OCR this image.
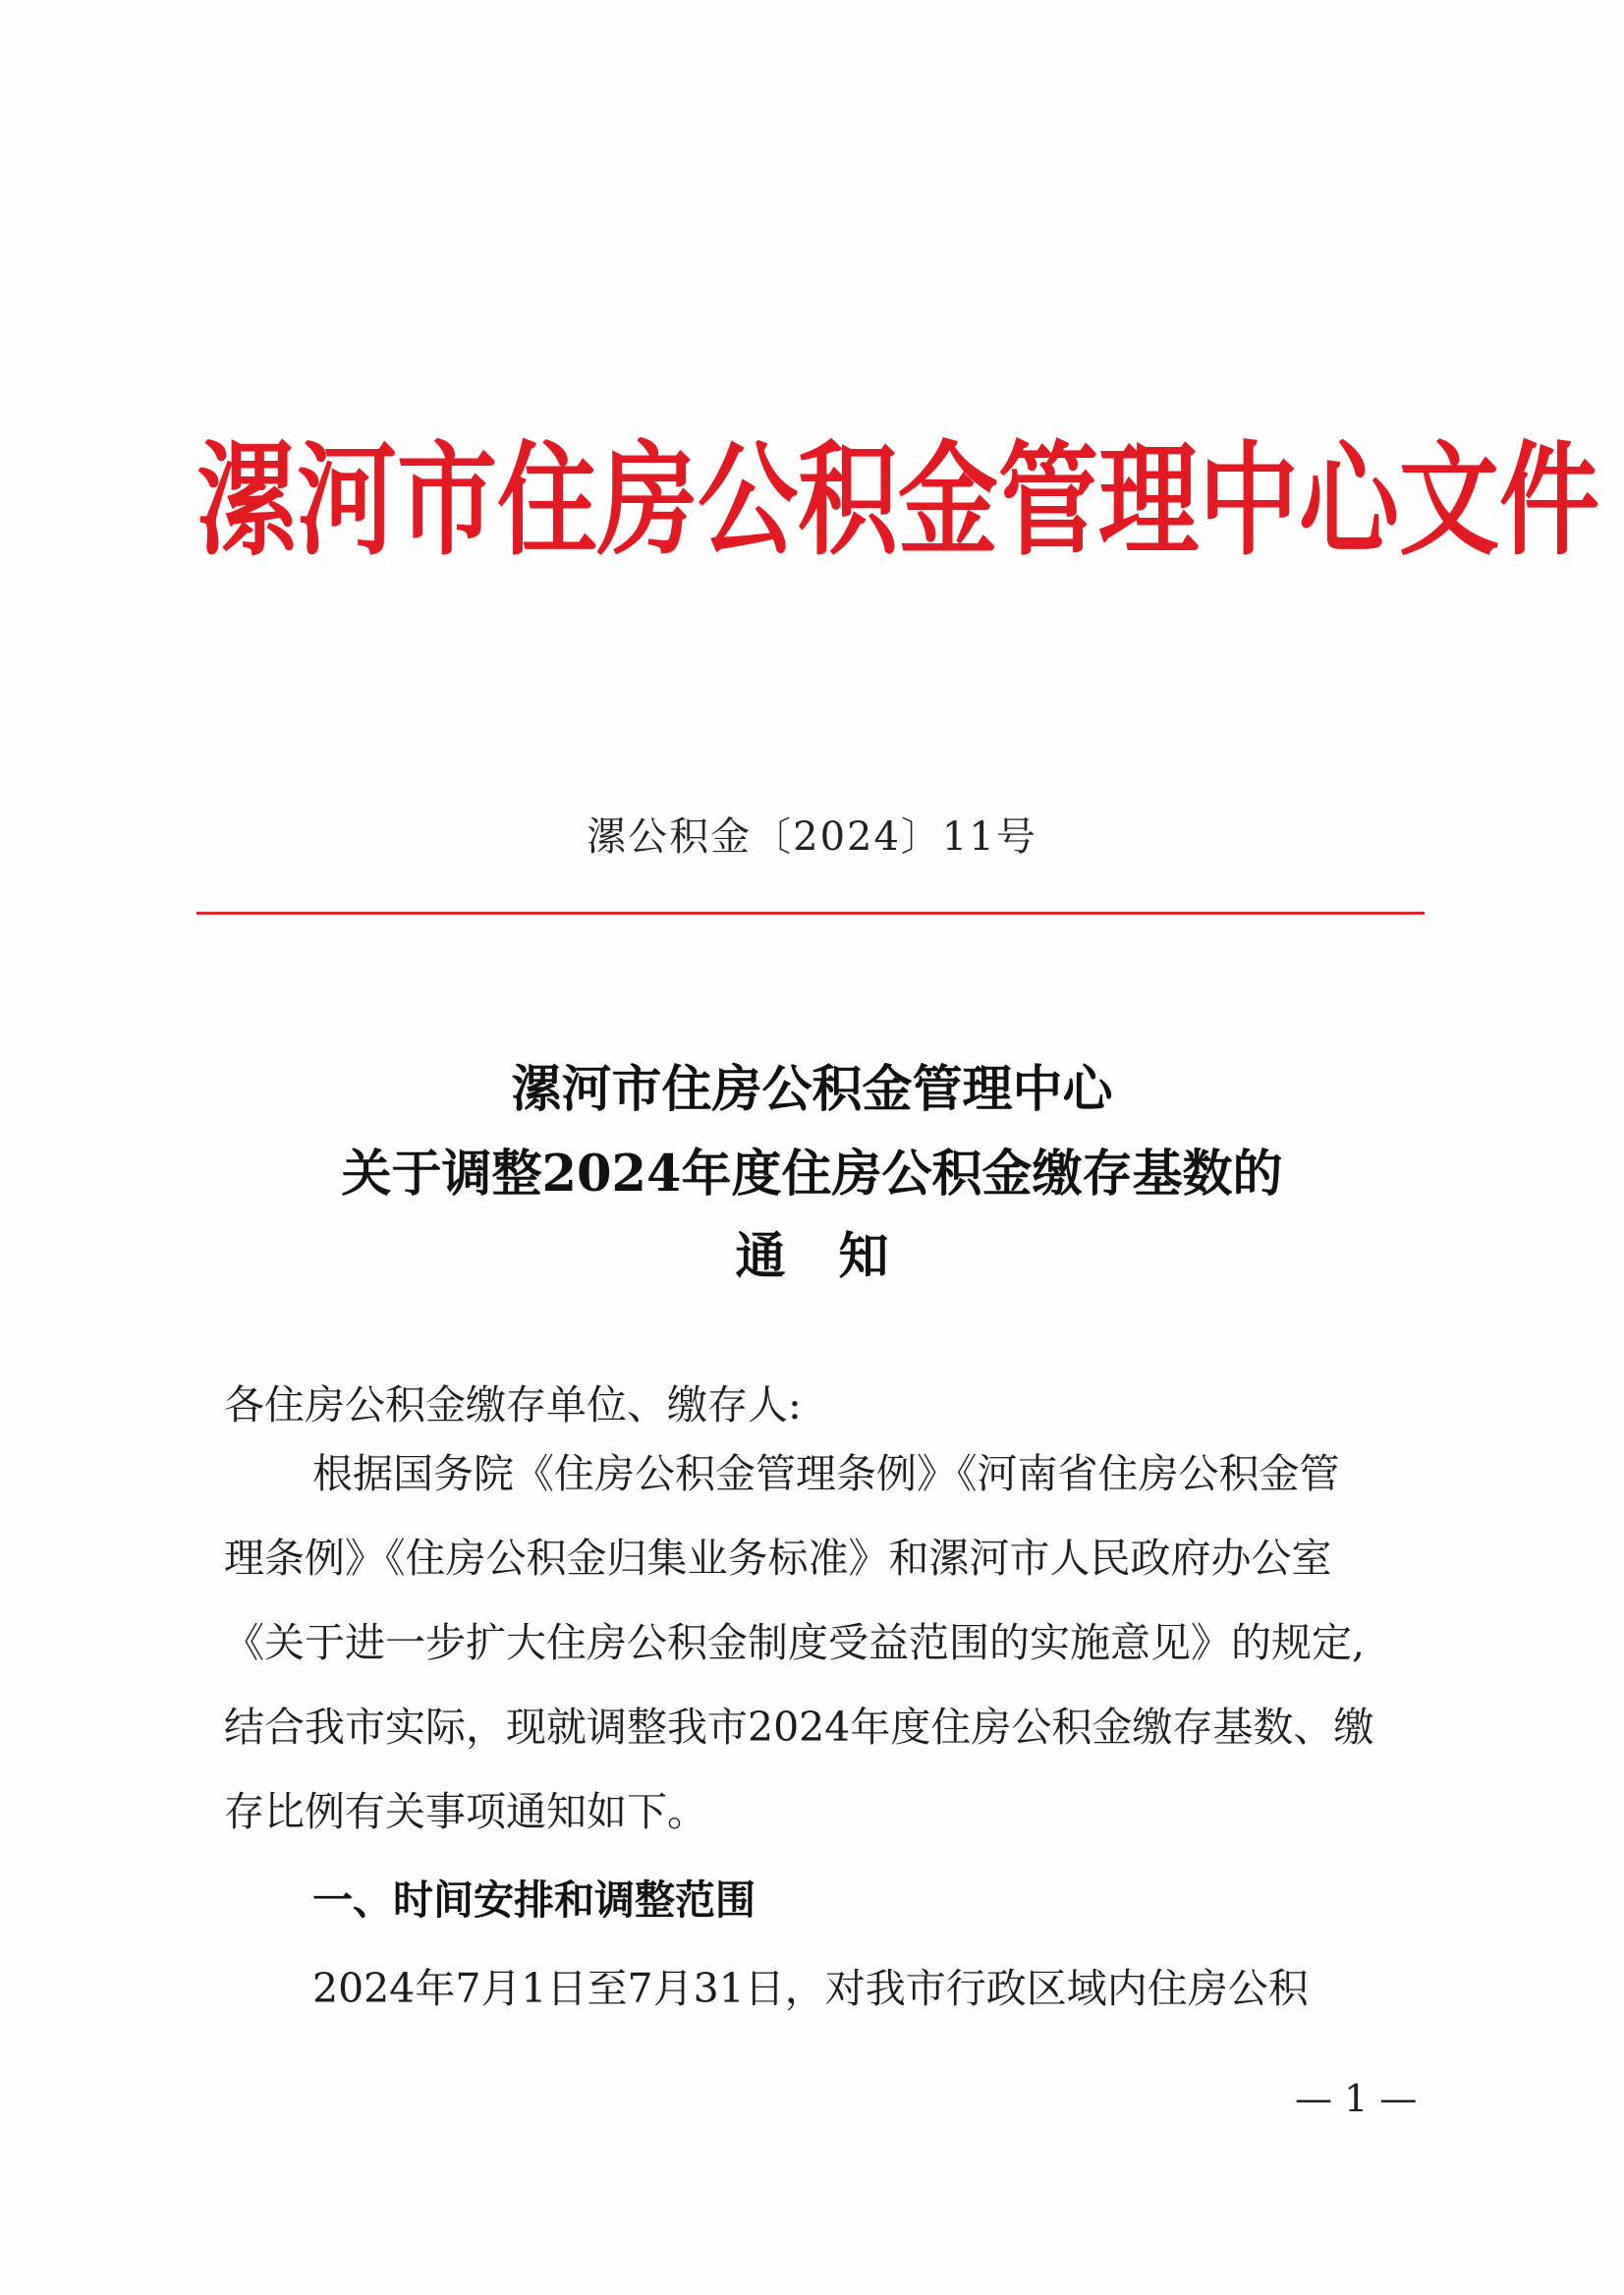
漯河市住房公积金管理中心文件
漯公积金〔2024〕11号
漯河市住房公积金管理中心
关于调整2024年度住房公积金缴存基数的
通知
各住房公积金缴存单位、缴存人:
根据国务院《住房公积金管理条例》《河南省住房公积金管
理条例》《住房公积金归集业务标准》和漯河市人民政府办公室
《关于进一步扩大住房公积金制度受益范围的实施意见》的规定,
结合我市实际，现就调整我市2024年度住房公积金缴存基数、缴
存比例有关事项通知如下。
一、时间安排和调整范围
2024年7月1日至7月31日，对我市行政区域内住房公积
— 1 —
